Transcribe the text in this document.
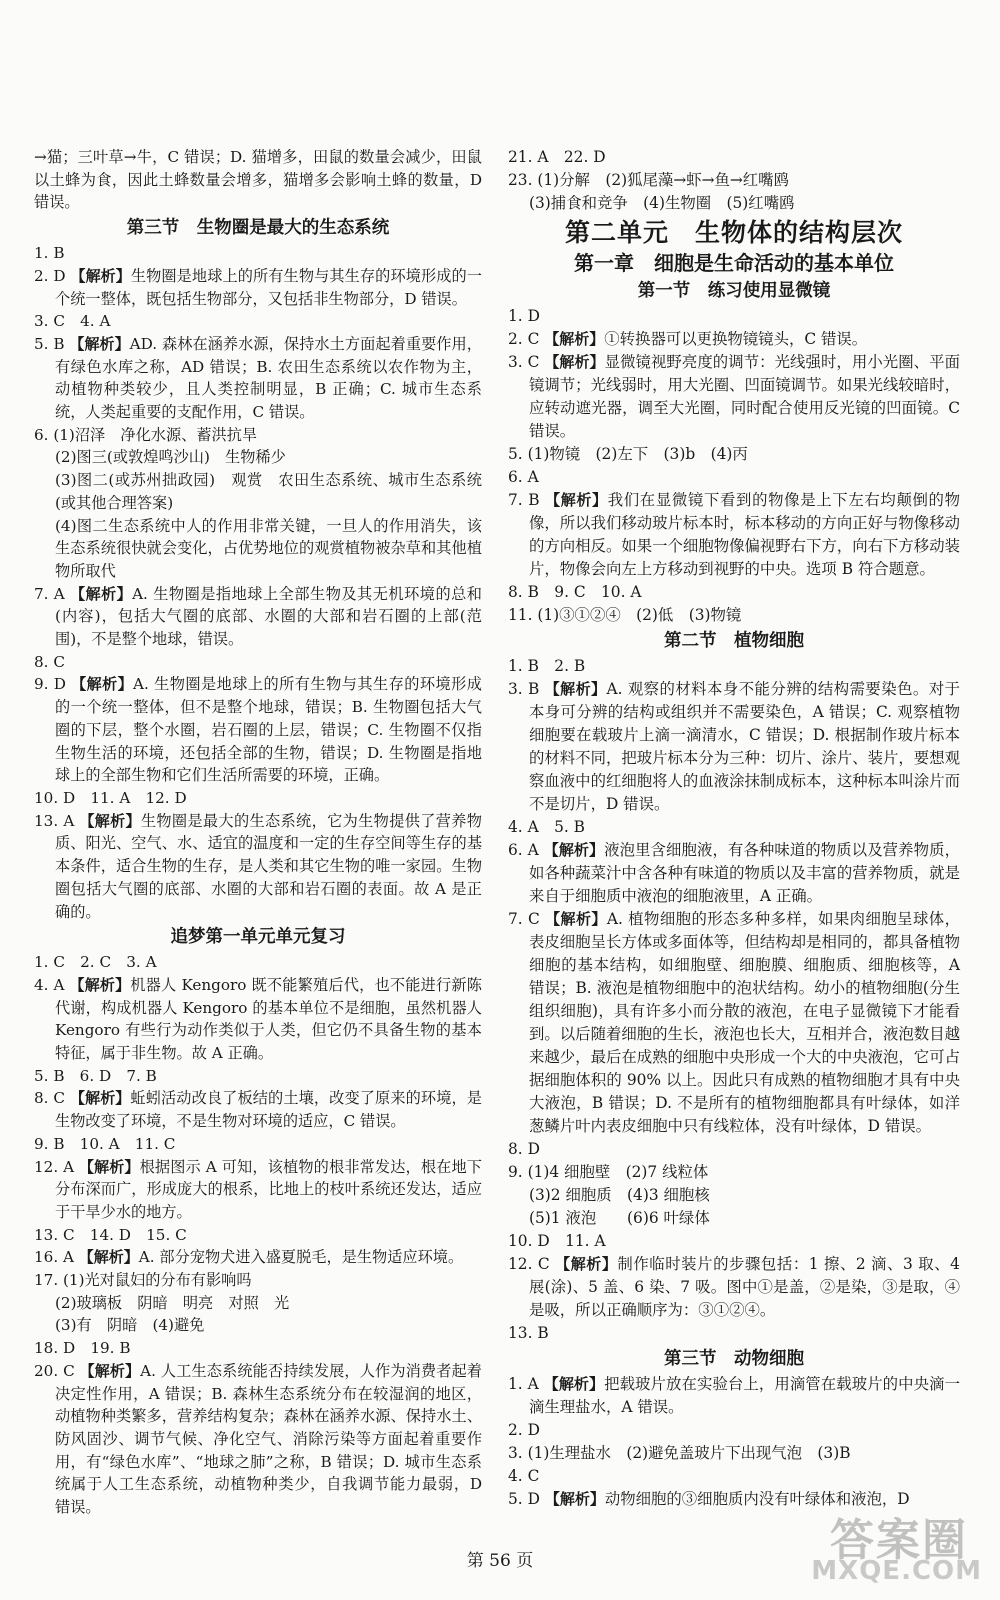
→猫；三叶草→牛，C 错误；D. 猫增多，田鼠的数量会减少，田鼠以土蜂为食，因此土蜂数量会增多，猫增多会影响土蜂的数量，D 错误。
第三节　生物圈是最大的生态系统
1. B
2. D 【解析】生物圈是地球上的所有生物与其生存的环境形成的一个统一整体，既包括生物部分，又包括非生物部分，D 错误。
3. C　4. A
5. B 【解析】AD. 森林在涵养水源，保持水土方面起着重要作用，有绿色水库之称，AD 错误；B. 农田生态系统以农作物为主，动植物种类较少，且人类控制明显，B 正确；C. 城市生态系统，人类起重要的支配作用，C 错误。
6. (1)沼泽　净化水源、蓄洪抗旱
(2)图三(或敦煌鸣沙山)　生物稀少
(3)图二(或苏州拙政园)　观赏　农田生态系统、城市生态系统(或其他合理答案)
(4)图二生态系统中人的作用非常关键，一旦人的作用消失，该生态系统很快就会变化，占优势地位的观赏植物被杂草和其他植物所取代
7. A 【解析】A. 生物圈是指地球上全部生物及其无机环境的总和(内容)，包括大气圈的底部、水圈的大部和岩石圈的上部(范围)，不是整个地球，错误。
8. C
9. D 【解析】A. 生物圈是地球上的所有生物与其生存的环境形成的一个统一整体，但不是整个地球，错误；B. 生物圈包括大气圈的下层，整个水圈，岩石圈的上层，错误；C. 生物圈不仅指生物生活的环境，还包括全部的生物，错误；D. 生物圈是指地球上的全部生物和它们生活所需要的环境，正确。
10. D　11. A　12. D
13. A 【解析】生物圈是最大的生态系统，它为生物提供了营养物质、阳光、空气、水、适宜的温度和一定的生存空间等生存的基本条件，适合生物的生存，是人类和其它生物的唯一家园。生物圈包括大气圈的底部、水圈的大部和岩石圈的表面。故 A 是正确的。
追梦第一单元单元复习
1. C　2. C　3. A
4. A 【解析】机器人 Kengoro 既不能繁殖后代，也不能进行新陈代谢，构成机器人 Kengoro 的基本单位不是细胞，虽然机器人 Kengoro 有些行为动作类似于人类，但它仍不具备生物的基本特征，属于非生物。故 A 正确。
5. B　6. D　7. B
8. C 【解析】蚯蚓活动改良了板结的土壤，改变了原来的环境，是生物改变了环境，不是生物对环境的适应，C 错误。
9. B　10. A　11. C
12. A 【解析】根据图示 A 可知，该植物的根非常发达，根在地下分布深而广，形成庞大的根系，比地上的枝叶系统还发达，适应于干旱少水的地方。
13. C　14. D　15. C
16. A 【解析】A. 部分宠物犬进入盛夏脱毛，是生物适应环境。
17. (1)光对鼠妇的分布有影响吗
(2)玻璃板　阴暗　明亮　对照　光
(3)有　阴暗　(4)避免
18. D　19. B
20. C 【解析】A. 人工生态系统能否持续发展，人作为消费者起着决定性作用，A 错误；B. 森林生态系统分布在较湿润的地区，动植物种类繁多，营养结构复杂；森林在涵养水源、保持水土、防风固沙、调节气候、净化空气、消除污染等方面起着重要作用，有“绿色水库”、“地球之肺”之称，B 错误；D. 城市生态系统属于人工生态系统，动植物种类少，自我调节能力最弱，D 错误。
21. A　22. D
23. (1)分解　(2)狐尾藻→虾→鱼→红嘴鸥
(3)捕食和竞争　(4)生物圈　(5)红嘴鸥
第二单元　生物体的结构层次
第一章　细胞是生命活动的基本单位
第一节　练习使用显微镜
1. D
2. C 【解析】①转换器可以更换物镜镜头，C 错误。
3. C 【解析】显微镜视野亮度的调节：光线强时，用小光圈、平面镜调节；光线弱时，用大光圈、凹面镜调节。如果光线较暗时，应转动遮光器，调至大光圈，同时配合使用反光镜的凹面镜。C 错误。
5. (1)物镜　(2)左下　(3)b　(4)丙
6. A
7. B 【解析】我们在显微镜下看到的物像是上下左右均颠倒的物像，所以我们移动玻片标本时，标本移动的方向正好与物像移动的方向相反。如果一个细胞物像偏视野右下方，向右下方移动装片，物像会向左上方移动到视野的中央。选项 B 符合题意。
8. B　9. C　10. A
11. (1)③①②④　(2)低　(3)物镜
第二节　植物细胞
1. B　2. B
3. B 【解析】A. 观察的材料本身不能分辨的结构需要染色。对于本身可分辨的结构或组织并不需要染色，A 错误；C. 观察植物细胞要在载玻片上滴一滴清水，C 错误；D. 根据制作玻片标本的材料不同，把玻片标本分为三种：切片、涂片、装片，要想观察血液中的红细胞将人的血液涂抹制成标本，这种标本叫涂片而不是切片，D 错误。
4. A　5. B
6. A 【解析】液泡里含细胞液，有各种味道的物质以及营养物质，如各种蔬菜汁中含各种有味道的物质以及丰富的营养物质，就是来自于细胞质中液泡的细胞液里，A 正确。
7. C 【解析】A. 植物细胞的形态多种多样，如果肉细胞呈球体，表皮细胞呈长方体或多面体等，但结构却是相同的，都具备植物细胞的基本结构，如细胞壁、细胞膜、细胞质、细胞核等，A 错误；B. 液泡是植物细胞中的泡状结构。幼小的植物细胞(分生组织细胞)，具有许多小而分散的液泡，在电子显微镜下才能看到。以后随着细胞的生长，液泡也长大，互相并合，液泡数目越来越少，最后在成熟的细胞中央形成一个大的中央液泡，它可占据细胞体积的 90% 以上。因此只有成熟的植物细胞才具有中央大液泡，B 错误；D. 不是所有的植物细胞都具有叶绿体，如洋葱鳞片叶内表皮细胞中只有线粒体，没有叶绿体，D 错误。
8. D
9. (1)4 细胞壁　(2)7 线粒体
(3)2 细胞质　(4)3 细胞核
(5)1 液泡　　(6)6 叶绿体
10. D　11. A
12. C 【解析】制作临时装片的步骤包括：1 擦、2 滴、3 取、4 展(涂)、5 盖、6 染、7 吸。图中①是盖，②是染，③是取，④是吸，所以正确顺序为：③①②④。
13. B
第三节　动物细胞
1. A 【解析】把载玻片放在实验台上，用滴管在载玻片的中央滴一滴生理盐水，A 错误。
2. D
3. (1)生理盐水　(2)避免盖玻片下出现气泡　(3)B
4. C
5. D 【解析】动物细胞的③细胞质内没有叶绿体和液泡，D
第 56 页	答案圈
MXQE.COM
